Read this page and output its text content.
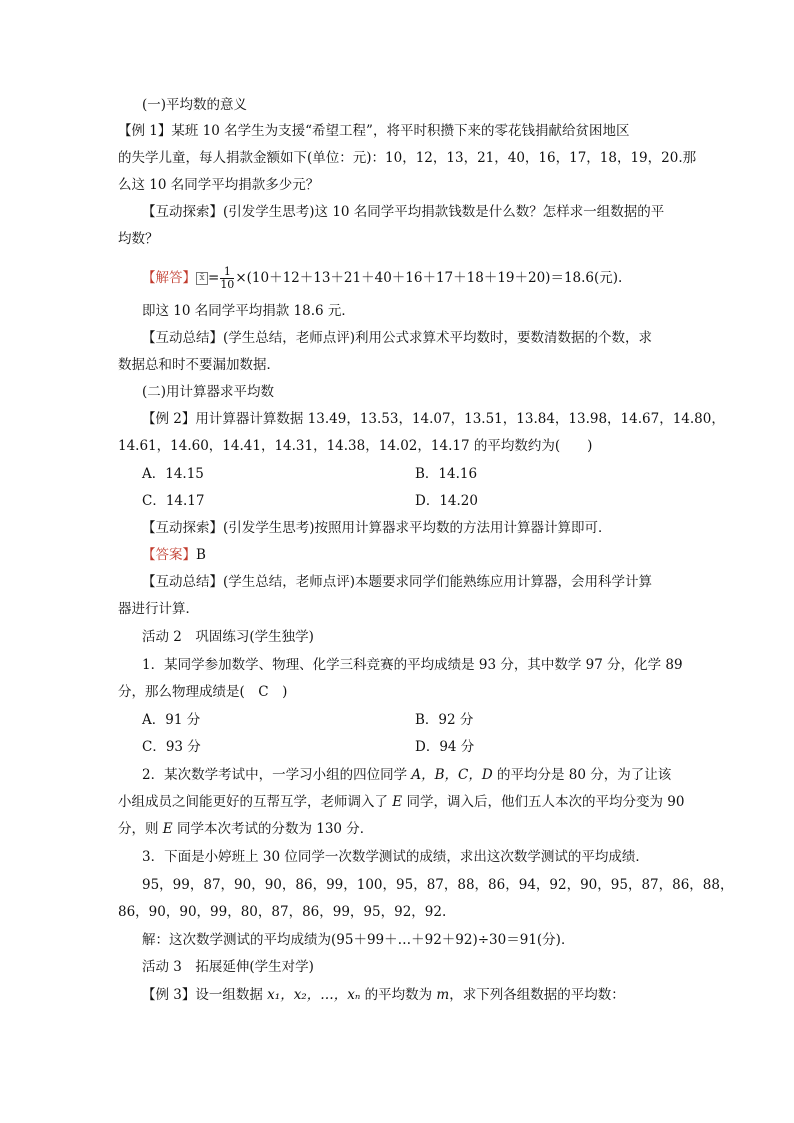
(一)平均数的意义
【例 1】某班 10 名学生为支援“希望工程”，将平时积攒下来的零花钱捐献给贫困地区
的失学儿童，每人捐款金额如下(单位：元)：10，12，13，21，40，16，17，18，19，20.那
么这 10 名同学平均捐款多少元？
【互动探索】(引发学生思考)这 10 名同学平均捐款钱数是什么数？怎样求一组数据的平
均数？
【解答】 x̄ = $\frac{1}{10} \times(10+12+13+21+40+16+17+18+19+20)=18.6$(元).
即这 10 名同学平均捐款 18.6 元．
【互动总结】(学生总结，老师点评)利用公式求算术平均数时，要数清数据的个数，求
数据总和时不要漏加数据．
(二)用计算器求平均数
【例 2】用计算器计算数据 13.49，13.53，14.07，13.51，13.84，13.98，14.67，14.80，
14.61，14.60，14.41，14.31，14.38，14.02，14.17 的平均数约为(　　)
A．14.15	B．14.16
C．14.17	D．14.20
【互动探索】(引发学生思考)按照用计算器求平均数的方法用计算器计算即可．
【答案】B
【互动总结】(学生总结，老师点评)本题要求同学们能熟练应用计算器，会用科学计算
器进行计算．
活动 2　巩固练习(学生独学)
1．某同学参加数学、物理、化学三科竞赛的平均成绩是 93 分，其中数学 97 分，化学 89
分，那么物理成绩是(　C　)
A．91 分	B．92 分
C．93 分	D．94 分
2．某次数学考试中，一学习小组的四位同学 A，B，C，D 的平均分是 80 分，为了让该
小组成员之间能更好的互帮互学，老师调入了 E 同学，调入后，他们五人本次的平均分变为 90
分，则 E 同学本次考试的分数为 130 分．
3．下面是小婷班上 30 位同学一次数学测试的成绩，求出这次数学测试的平均成绩．
95，99，87，90，90，86，99，100，95，87，88，86，94，92，90，95，87，86，88，
86，90，90，99，80，87，86，99，95，92，92.
解：这次数学测试的平均成绩为(95＋99＋…＋92＋92)÷30＝91(分)．
活动 3　拓展延伸(学生对学)
【例 3】设一组数据 x₁，x₂，…，xₙ 的平均数为 m，求下列各组数据的平均数：
